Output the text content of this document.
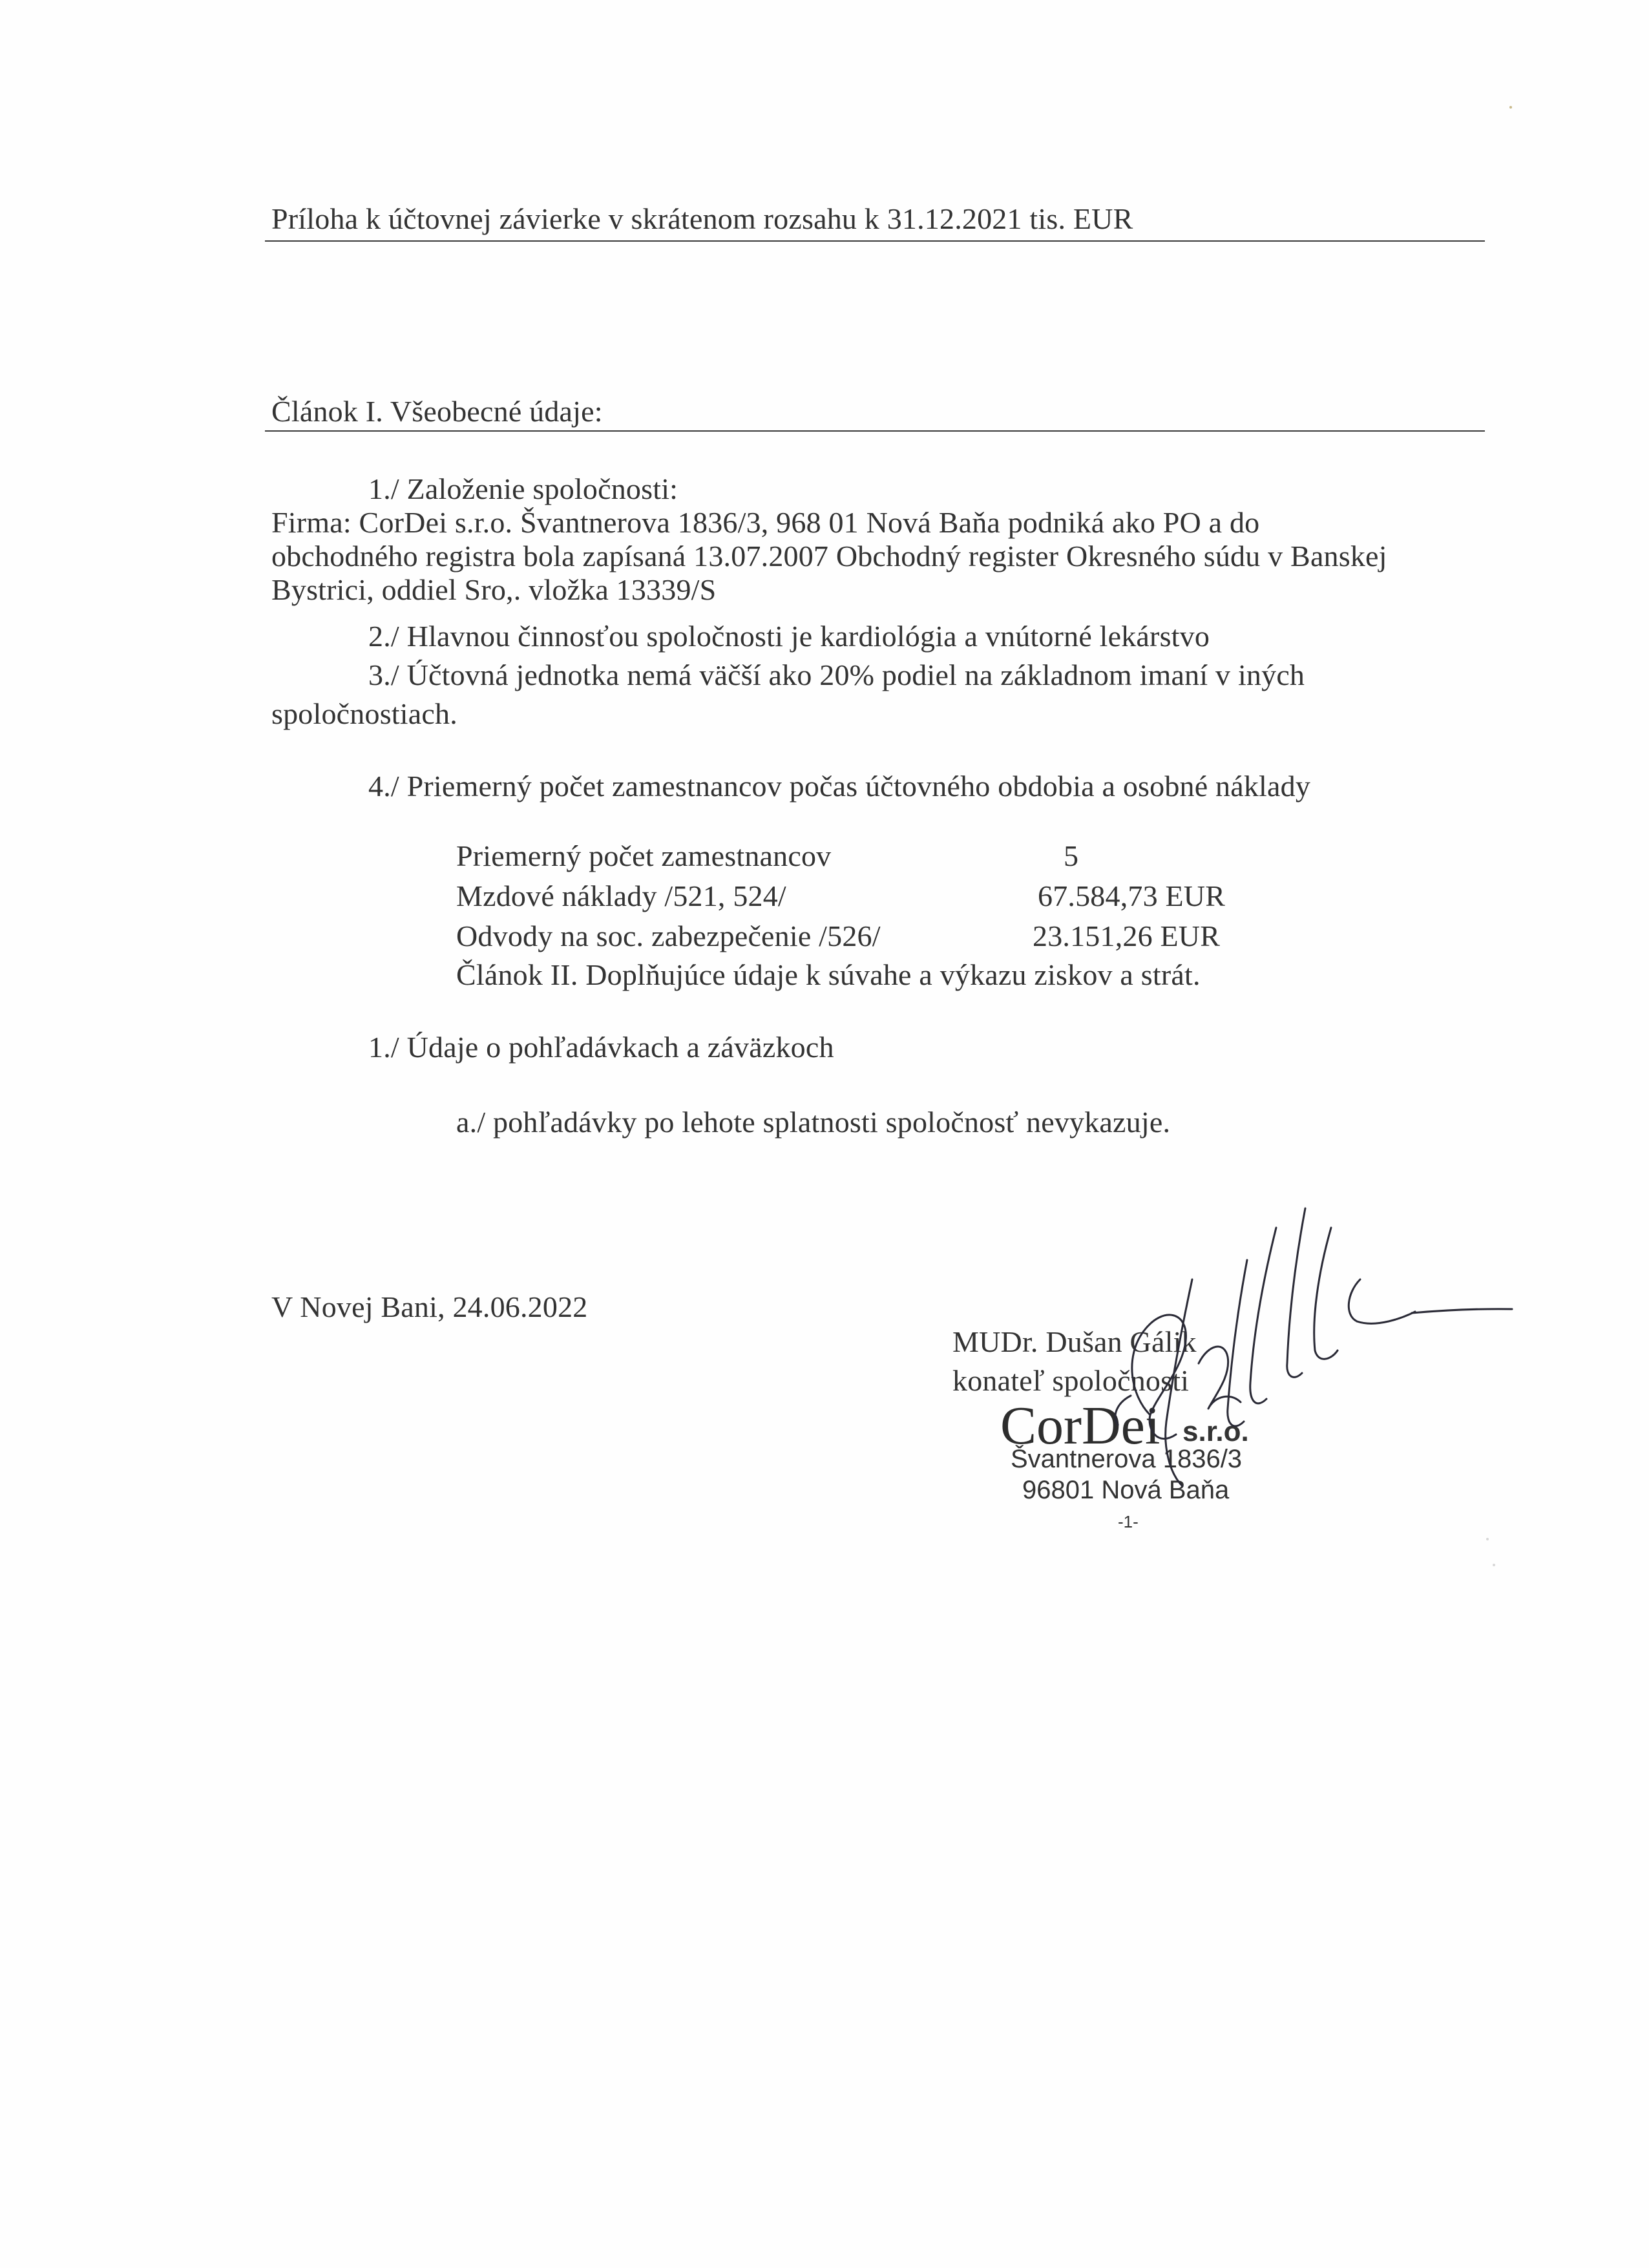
Príloha k účtovnej závierke v skrátenom rozsahu k 31.12.2021 tis. EUR
Článok I. Všeobecné údaje:
1./ Založenie spoločnosti:
Firma: CorDei s.r.o. Švantnerova 1836/3, 968 01 Nová Baňa podniká ako PO a do
obchodného registra bola zapísaná 13.07.2007 Obchodný register Okresného súdu v Banskej
Bystrici, oddiel Sro,. vložka 13339/S
2./ Hlavnou činnosťou spoločnosti je kardiológia a vnútorné lekárstvo
3./ Účtovná jednotka nemá väčší ako 20% podiel na základnom imaní v iných
spoločnostiach.
4./ Priemerný počet zamestnancov počas účtovného obdobia a osobné náklady
Priemerný počet zamestnancov	5
Mzdové náklady /521, 524/	67.584,73 EUR
Odvody na soc. zabezpečenie /526/	23.151,26 EUR
Článok II. Doplňujúce údaje k súvahe a výkazu ziskov a strát.
1./ Údaje o pohľadávkach a záväzkoch
a./ pohľadávky po lehote splatnosti spoločnosť nevykazuje.
V Novej Bani, 24.06.2022
MUDr. Dušan Gálik
konateľ spoločnosti
CorDei s.r.o.
Švantnerova 1836/3
96801 Nová Baňa
-1-
